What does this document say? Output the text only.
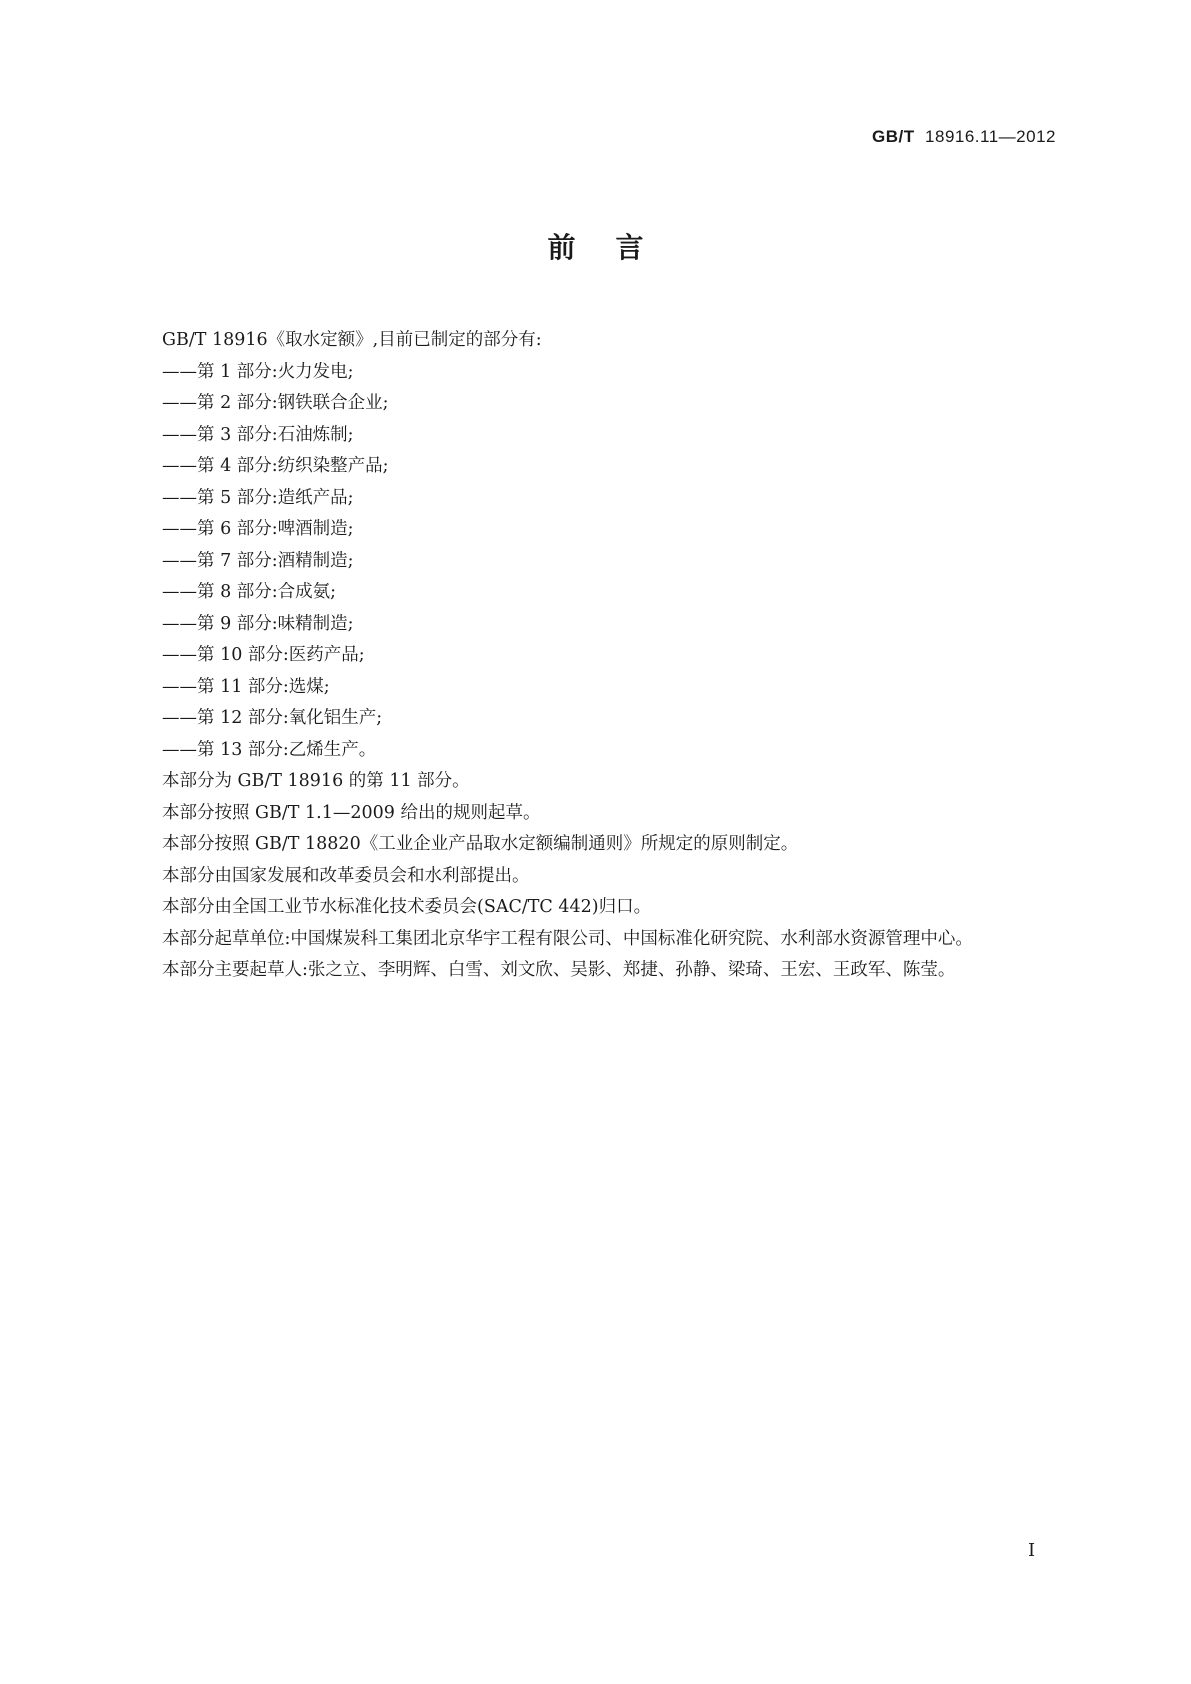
GB/T 18916.11—2012
前言

GB/T 18916《取水定额》,目前已制定的部分有:

——第 1 部分:火力发电;

——第 2 部分:钢铁联合企业;

——第 3 部分:石油炼制;

——第 4 部分:纺织染整产品;

——第 5 部分:造纸产品;

——第 6 部分:啤酒制造;

——第 7 部分:酒精制造;

——第 8 部分:合成氨;

——第 9 部分:味精制造;

——第 10 部分:医药产品;

——第 11 部分:选煤;

——第 12 部分:氧化铝生产;

——第 13 部分:乙烯生产。

本部分为 GB/T 18916 的第 11 部分。

本部分按照 GB/T 1.1—2009 给出的规则起草。

本部分按照 GB/T 18820《工业企业产品取水定额编制通则》所规定的原则制定。

本部分由国家发展和改革委员会和水利部提出。

本部分由全国工业节水标准化技术委员会(SAC/TC 442)归口。

本部分起草单位:中国煤炭科工集团北京华宇工程有限公司、中国标准化研究院、水利部水资源管理中心。

本部分主要起草人:张之立、李明辉、白雪、刘文欣、吴影、郑捷、孙静、梁琦、王宏、王政军、陈莹。

I
